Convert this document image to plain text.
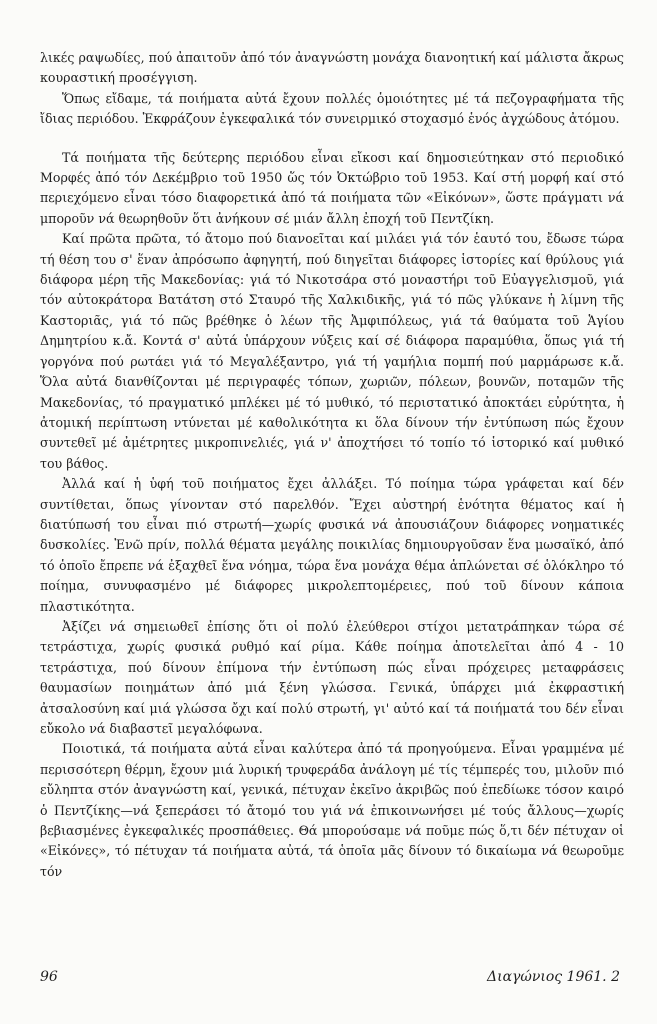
λικές ραψωδίες, πού ἀπαιτοῦν ἀπό τόν ἀναγνώστη μονάχα διανοητική καί μάλιστα ἄκρως κουραστική προσέγγιση.

Ὅπως εἴδαμε, τά ποιήματα αὐτά ἔχουν πολλές ὁμοιότητες μέ τά πεζογραφήματα τῆς ἴδιας περιόδου. Ἐκφράζουν ἐγκεφαλικά τόν συνειρμικό στοχασμό ἑνός ἀγχώδους ἀτόμου.

Τά ποιήματα τῆς δεύτερης περιόδου εἶναι εἴκοσι καί δημοσιεύτηκαν στό περιοδικό Μορφές ἀπό τόν Δεκέμβριο τοῦ 1950 ὥς τόν Ὀκτώβριο τοῦ 1953. Καί στή μορφή καί στό περιεχόμενο εἶναι τόσο διαφορετικά ἀπό τά ποιήματα τῶν «Εἰκόνων», ὥστε πράγματι νά μποροῦν νά θεωρηθοῦν ὅτι ἀνήκουν σέ μιάν ἄλλη ἐποχή τοῦ Πεντζίκη.

Καί πρῶτα πρῶτα, τό ἄτομο πού διανοεῖται καί μιλάει γιά τόν ἑαυτό του, ἔδωσε τώρα τή θέση του σ' ἕναν ἀπρόσωπο ἀφηγητή, πού διηγεῖται διάφορες ἱστορίες καί θρύλους γιά διάφορα μέρη τῆς Μακεδονίας: γιά τό Νικοτσάρα στό μοναστήρι τοῦ Εὐαγγελισμοῦ, γιά τόν αὐτοκράτορα Βατάτση στό Σταυρό τῆς Χαλκιδικῆς, γιά τό πῶς γλύκανε ἡ λίμνη τῆς Καστοριᾶς, γιά τό πῶς βρέθηκε ὁ λέων τῆς Ἀμφιπόλεως, γιά τά θαύματα τοῦ Ἁγίου Δημητρίου κ.ἄ. Κοντά σ' αὐτά ὑπάρχουν νύξεις καί σέ διάφορα παραμύθια, ὅπως γιά τή γοργόνα πού ρωτάει γιά τό Μεγαλέξαντρο, γιά τή γαμήλια πομπή πού μαρμάρωσε κ.ἄ. Ὅλα αὐτά διανθίζονται μέ περιγραφές τόπων, χωριῶν, πόλεων, βουνῶν, ποταμῶν τῆς Μακεδονίας, τό πραγματικό μπλέκει μέ τό μυθικό, τό περιστατικό ἀποκτάει εὐρύτητα, ἡ ἀτομική περίπτωση ντύνεται μέ καθολικότητα κι ὅλα δίνουν τήν ἐντύπωση πώς ἔχουν συντεθεῖ μέ ἀμέτρητες μικροπινελιές, γιά ν' ἀποχτήσει τό τοπίο τό ἱστορικό καί μυθικό του βάθος.

Ἀλλά καί ἡ ὑφή τοῦ ποιήματος ἔχει ἀλλάξει. Τό ποίημα τώρα γράφεται καί δέν συντίθεται, ὅπως γίνονταν στό παρελθόν. Ἔχει αὐστηρή ἑνότητα θέματος καί ἡ διατύπωσή του εἶναι πιό στρωτή—χωρίς φυσικά νά ἀπουσιάζουν διάφορες νοηματικές δυσκολίες. Ἐνῶ πρίν, πολλά θέματα μεγάλης ποικιλίας δημιουργοῦσαν ἕνα μωσαϊκό, ἀπό τό ὁποῖο ἔπρεπε νά ἐξαχθεῖ ἕνα νόημα, τώρα ἕνα μονάχα θέμα ἁπλώνεται σέ ὁλόκληρο τό ποίημα, συνυφασμένο μέ διάφορες μικρολεπτομέρειες, πού τοῦ δίνουν κάποια πλαστικότητα.

Ἀξίζει νά σημειωθεῖ ἐπίσης ὅτι οἱ πολύ ἐλεύθεροι στίχοι μετατράπηκαν τώρα σέ τετράστιχα, χωρίς φυσικά ρυθμό καί ρίμα. Κάθε ποίημα ἀποτελεῖται ἀπό 4 - 10 τετράστιχα, πού δίνουν ἐπίμονα τήν ἐντύπωση πώς εἶναι πρόχειρες μεταφράσεις θαυμασίων ποιημάτων ἀπό μιά ξένη γλώσσα. Γενικά, ὑπάρχει μιά ἐκφραστική ἀτσαλοσύνη καί μιά γλώσσα ὄχι καί πολύ στρωτή, γι' αὐτό καί τά ποιήματά του δέν εἶναι εὔκολο νά διαβαστεῖ μεγαλόφωνα.

Ποιοτικά, τά ποιήματα αὐτά εἶναι καλύτερα ἀπό τά προηγούμενα. Εἶναι γραμμένα μέ περισσότερη θέρμη, ἔχουν μιά λυρική τρυφεράδα ἀνάλογη μέ τίς τέμπερές του, μιλοῦν πιό εὔληπτα στόν ἀναγνώστη καί, γενικά, πέτυχαν ἐκεῖνο ἀκριβῶς πού ἐπεδίωκε τόσον καιρό ὁ Πεντζίκης—νά ξεπεράσει τό ἄτομό του γιά νά ἐπικοινωνήσει μέ τούς ἄλλους—χωρίς βεβιασμένες ἐγκεφαλικές προσπάθειες. Θά μπορούσαμε νά ποῦμε πώς ὅ,τι δέν πέτυχαν οἱ «Εἰκόνες», τό πέτυχαν τά ποιήματα αὐτά, τά ὁποῖα μᾶς δίνουν τό δικαίωμα νά θεωροῦμε τόν

96	Διαγώνιος 1961. 2
